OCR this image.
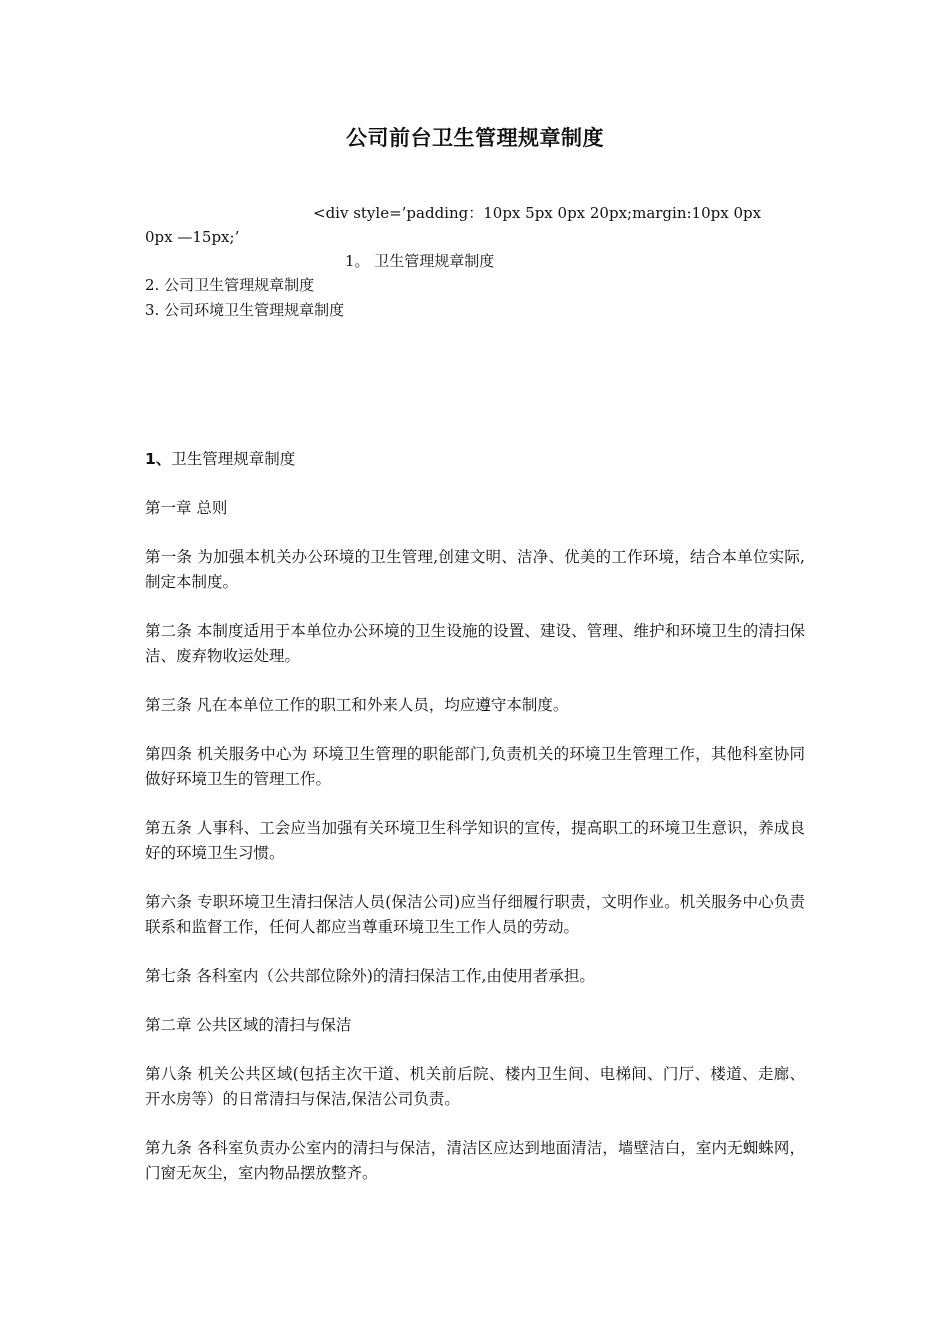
公司前台卫生管理规章制度
<div style=’padding：10px 5px 0px 20px;margin:10px 0px
0px —15px;’
1。 卫生管理规章制度
2. 公司卫生管理规章制度
3. 公司环境卫生管理规章制度

1、卫生管理规章制度

第一章 总则

第一条 为加强本机关办公环境的卫生管理,创建文明、洁净、优美的工作环境，结合本单位实际,制定本制度。

第二条 本制度适用于本单位办公环境的卫生设施的设置、建设、管理、维护和环境卫生的清扫保洁、废弃物收运处理。

第三条 凡在本单位工作的职工和外来人员，均应遵守本制度。

第四条 机关服务中心为 环境卫生管理的职能部门,负责机关的环境卫生管理工作，其他科室协同做好环境卫生的管理工作。

第五条 人事科、工会应当加强有关环境卫生科学知识的宣传，提高职工的环境卫生意识，养成良好的环境卫生习惯。

第六条 专职环境卫生清扫保洁人员(保洁公司)应当仔细履行职责，文明作业。机关服务中心负责联系和监督工作，任何人都应当尊重环境卫生工作人员的劳动。

第七条 各科室内（公共部位除外)的清扫保洁工作,由使用者承担。

第二章 公共区域的清扫与保洁

第八条 机关公共区域(包括主次干道、机关前后院、楼内卫生间、电梯间、门厅、楼道、走廊、开水房等）的日常清扫与保洁,保洁公司负责。

第九条 各科室负责办公室内的清扫与保洁，清洁区应达到地面清洁，墙壁洁白，室内无蜘蛛网，门窗无灰尘，室内物品摆放整齐。
